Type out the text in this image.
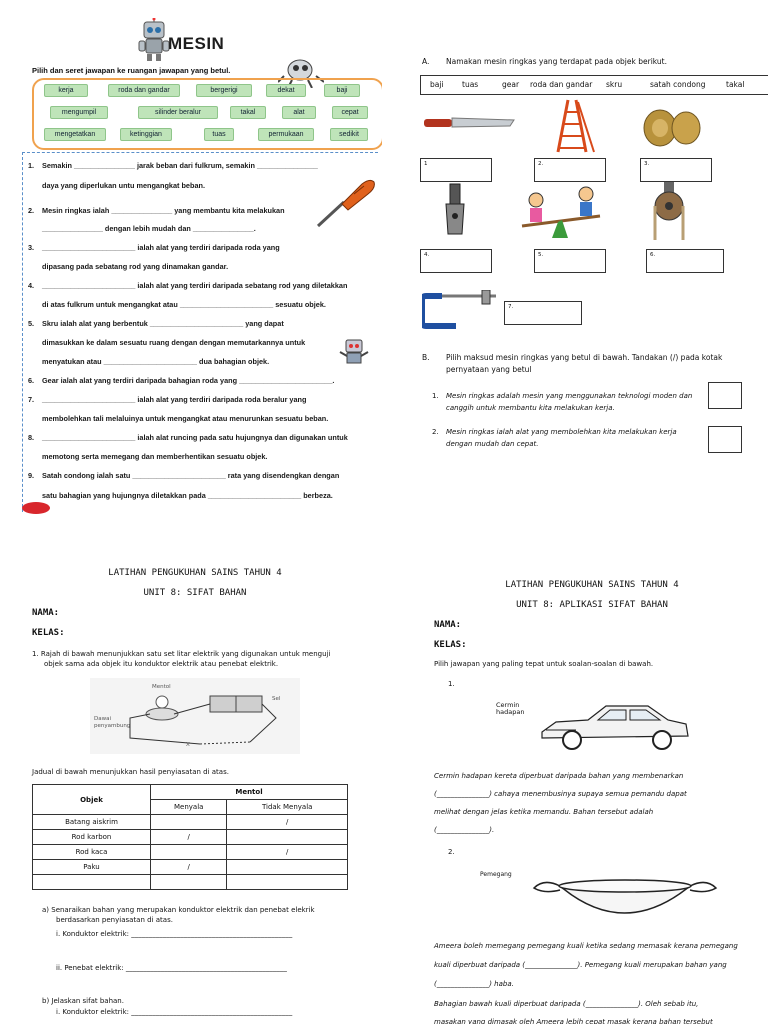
MESIN
Pilih dan seret jawapan ke ruangan jawapan yang betul.
kerja	roda dan gandar	bergerigi	dekat	baji
mengumpil	silinder beralur	takal	alat	cepat
mengetatkan	ketinggian	tuas	permukaan	sedikit
1. Semakin _______________ jarak beban dari fulkrum, semakin _______________
daya yang diperlukan untu mengangkat beban.
2. Mesin ringkas ialah _______________ yang membantu kita melakukan
_______________ dengan lebih mudah dan _______________.
3. _______________________ ialah alat yang terdiri daripada roda yang
dipasang pada sebatang rod yang dinamakan gandar.
4. _______________________ ialah alat yang terdiri daripada sebatang rod yang diletakkan
di atas fulkrum untuk mengangkat atau _______________________ sesuatu objek.
5. Skru ialah alat yang berbentuk _______________________ yang dapat
dimasukkan ke dalam sesuatu ruang dengan dengan memutarkannya untuk
menyatukan atau _______________________ dua bahagian objek.
6. Gear ialah alat yang terdiri daripada bahagian roda yang _______________________.
7. _______________________ ialah alat yang terdiri daripada roda beralur yang
membolehkan tali melaluinya untuk mengangkat atau menurunkan sesuatu beban.
8. _______________________ ialah alat runcing pada satu hujungnya dan digunakan untuk
memotong serta memegang dan memberhentikan sesuatu objek.
9. Satah condong ialah satu _______________________ rata yang disendengkan dengan
satu bahagian yang hujungnya diletakkan pada _______________________ berbeza.
A. Namakan mesin ringkas yang terdapat pada objek berikut.
baji tuas	gear roda dan gandar skru	satah condong	takal
1	2.	3.
4.	5.	6.
7.
B. Pilih maksud mesin ringkas yang betul di bawah. Tandakan (/) pada kotak
pernyataan yang betul
1. Mesin ringkas adalah mesin yang menggunakan teknologi moden dan
canggih untuk membantu kita melakukan kerja.
2. Mesin ringkas ialah alat yang membolehkan kita melakukan kerja
dengan mudah dan cepat.
LATIHAN PENGUKUHAN SAINS TAHUN 4
UNIT 8: SIFAT BAHAN
NAMA:
KELAS:
1. Rajah di bawah menunjukkan satu set litar elektrik yang digunakan untuk menguji
objek sama ada objek itu konduktor elektrik atau penebat elektrik.
Mentol
Sel
Dawai
penyambung
X
Jadual di bawah menunjukkan hasil penyiasatan di atas.
Objek	Mentol	
	Menyala	Tidak Menyala
Batang aiskrim		/
Rod karbon	/	
Rod kaca		/
Paku	/	

a) Senaraikan bahan yang merupakan konduktor elektrik dan penebat elekrik
berdasarkan penyiasatan di atas.
i. Konduktor elektrik: ______________________________________________
ii. Penebat elektrik: ______________________________________________
b) Jelaskan sifat bahan.
i. Konduktor elektrik: ______________________________________________
LATIHAN PENGUKUHAN SAINS TAHUN 4
UNIT 8: APLIKASI SIFAT BAHAN
NAMA:
KELAS:
Pilih jawapan yang paling tepat untuk soalan-soalan di bawah.
1.
Cermin
hadapan
Cermin hadapan kereta diperbuat daripada bahan yang membenarkan
(_______________) cahaya menembusinya supaya semua pemandu dapat
melihat dengan jelas ketika memandu. Bahan tersebut adalah
(_______________).
2.
Pemegang
Ameera boleh memegang pemegang kuali ketika sedang memasak kerana pemegang
kuali diperbuat daripada (_______________). Pemegang kuali merupakan bahan yang
(_______________) haba.
Bahagian bawah kuali diperbuat daripada (_______________). Oleh sebab itu,
masakan yang dimasak oleh Ameera lebih cepat masak kerana bahan tersebut
